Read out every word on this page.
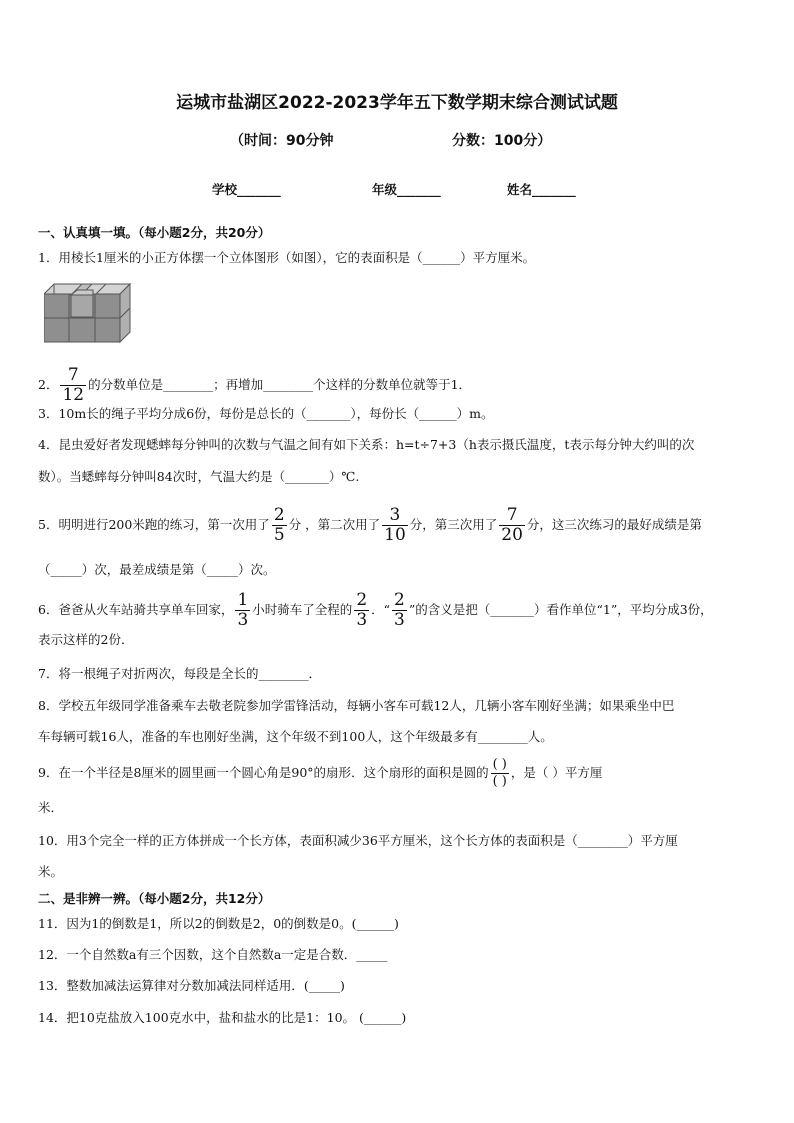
运城市盐湖区2022-2023学年五下数学期末综合测试试题
（时间：90分钟	分数：100分）
学校_______	年级_______	姓名_______
一、认真填一填。（每小题2分，共20分）
1．用棱长1厘米的小正方体摆一个立体图形（如图），它的表面积是（______）平方厘米。
2． $\frac{7}{12}$ 的分数单位是________；再增加________个这样的分数单位就等于1．
3．10m长的绳子平均分成6份，每份是总长的（_______），每份长（______）m。
4．昆虫爱好者发现蟋蟀每分钟叫的次数与气温之间有如下关系：h=t÷7+3（h表示摄氏温度，t表示每分钟大约叫的次
数）。当蟋蟀每分钟叫84次时，气温大约是（_______）℃.
5．明明进行200米跑的练习，第一次用了 $\frac{2}{5}$ 分 ，第二次用了 $\frac{3}{10}$ 分，第三次用了 $\frac{7}{20}$ 分，这三次练习的最好成绩是第
（_____）次，最差成绩是第（_____）次。
6．爸爸从火车站骑共享单车回家， $\frac{1}{3}$ 小时骑车了全程的 $\frac{2}{3}$ ．“ $\frac{2}{3}$ ”的含义是把（_______）看作单位“1”，平均分成3份，
表示这样的2份．
7．将一根绳子对折两次，每段是全长的________．
8．学校五年级同学准备乘车去敬老院参加学雷锋活动，每辆小客车可载12人，几辆小客车刚好坐满；如果乘坐中巴
车每辆可载16人，准备的车也刚好坐满，这个年级不到100人，这个年级最多有________人。
9．在一个半径是8厘米的圆里画一个圆心角是90°的扇形．这个扇形的面积是圆的 $\frac{( )}{( )}$ ，是（ ）平方厘
米．
10．用3个完全一样的正方体拼成一个长方体，表面积减少36平方厘米，这个长方体的表面积是（________）平方厘
米。
二、是非辨一辨。（每小题2分，共12分）
11．因为1的倒数是1，所以2的倒数是2，0的倒数是0。(______)
12．一个自然数a有三个因数，这个自然数a一定是合数．_____
13．整数加减法运算律对分数加减法同样适用．(_____)
14．把10克盐放入100克水中，盐和盐水的比是1：10。 (______)
